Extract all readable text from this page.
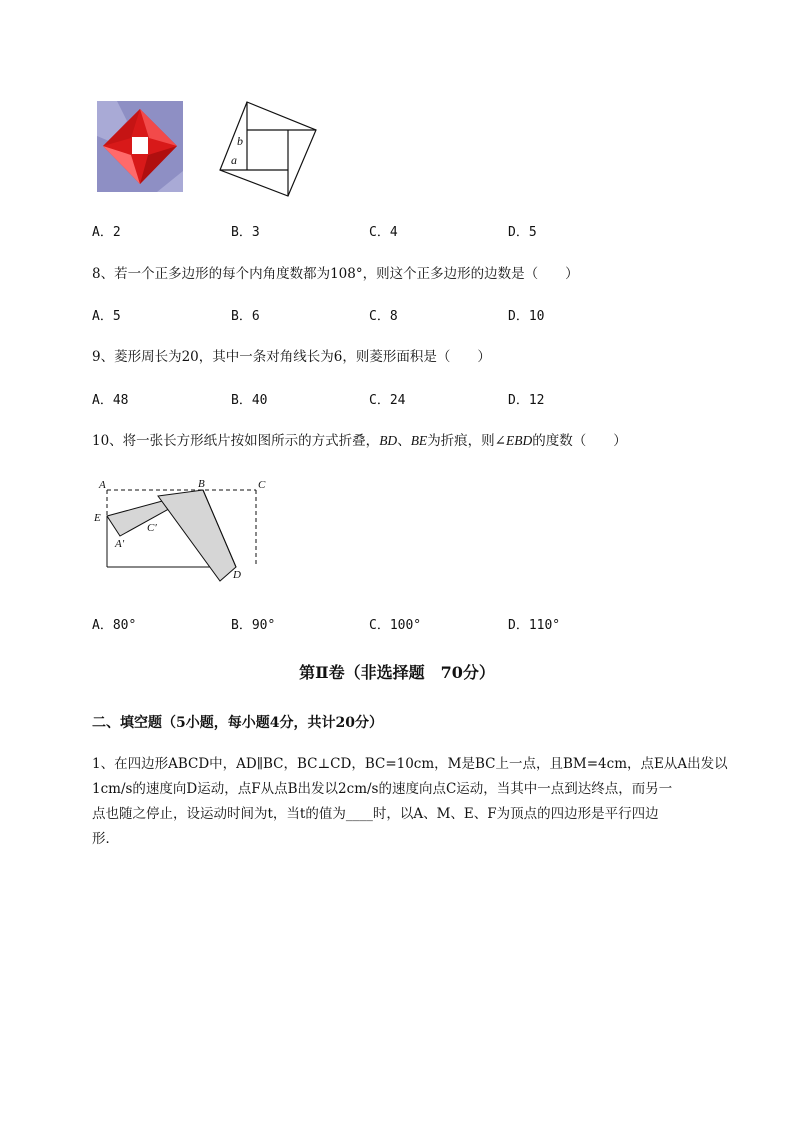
b
a
A．2	B．3	C．4	D．5
8、若一个正多边形的每个内角度数都为108°，则这个正多边形的边数是（　　）
A．5	B．6	C．8	D．10
9、菱形周长为20，其中一条对角线长为6，则菱形面积是（　　）
A．48	B．40	C．24	D．12
10、将一张长方形纸片按如图所示的方式折叠，BD、BE为折痕，则∠EBD的度数（　　）
A	B	C
E
A′
C′
D
A．80°	B．90°	C．100°	D．110°
第Ⅱ卷（非选择题　70分）
二、填空题（5小题，每小题4分，共计20分）
1、在四边形ABCD中，AD∥BC，BC⊥CD，BC=10cm，M是BC上一点，且BM=4cm，点E从A出发以
1cm/s的速度向D运动，点F从点B出发以2cm/s的速度向点C运动，当其中一点到达终点，而另一
点也随之停止，设运动时间为t，当t的值为____时，以A、M、E、F为顶点的四边形是平行四边
形．
